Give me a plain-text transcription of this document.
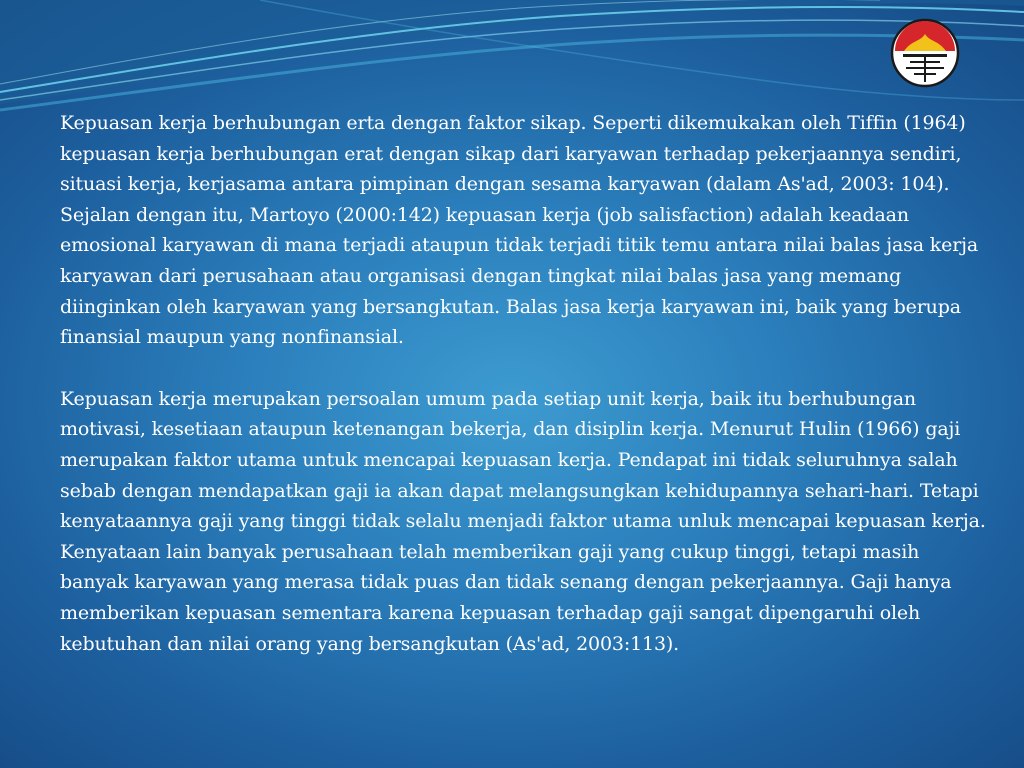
Kepuasan kerja berhubungan erta dengan faktor sikap. Seperti dikemukakan oleh Tiffin (1964) kepuasan kerja berhubungan erat dengan sikap dari karyawan terhadap pekerjaannya sendiri, situasi kerja, kerjasama antara pimpinan dengan sesama karyawan (dalam As'ad, 2003: 104). Sejalan dengan itu, Martoyo (2000:142) kepuasan kerja (job salisfaction) adalah keadaan emosional karyawan di mana terjadi ataupun tidak terjadi titik temu antara nilai balas jasa kerja karyawan dari perusahaan atau organisasi dengan tingkat nilai balas jasa yang memang diinginkan oleh karyawan yang bersangkutan. Balas jasa kerja karyawan ini, baik yang berupa finansial maupun yang nonfinansial.

Kepuasan kerja merupakan persoalan umum pada setiap unit kerja, baik itu berhubungan motivasi, kesetiaan ataupun ketenangan bekerja, dan disiplin kerja. Menurut Hulin (1966) gaji merupakan faktor utama untuk mencapai kepuasan kerja. Pendapat ini tidak seluruhnya salah sebab dengan mendapatkan gaji ia akan dapat melangsungkan kehidupannya sehari-hari. Tetapi kenyataannya gaji yang tinggi tidak selalu menjadi faktor utama unluk mencapai kepuasan kerja. Kenyataan lain banyak perusahaan telah memberikan gaji yang cukup tinggi, tetapi masih banyak karyawan yang merasa tidak puas dan tidak senang dengan pekerjaannya. Gaji hanya memberikan kepuasan sementara karena kepuasan terhadap gaji sangat dipengaruhi oleh kebutuhan dan nilai orang yang bersangkutan (As'ad, 2003:113).
